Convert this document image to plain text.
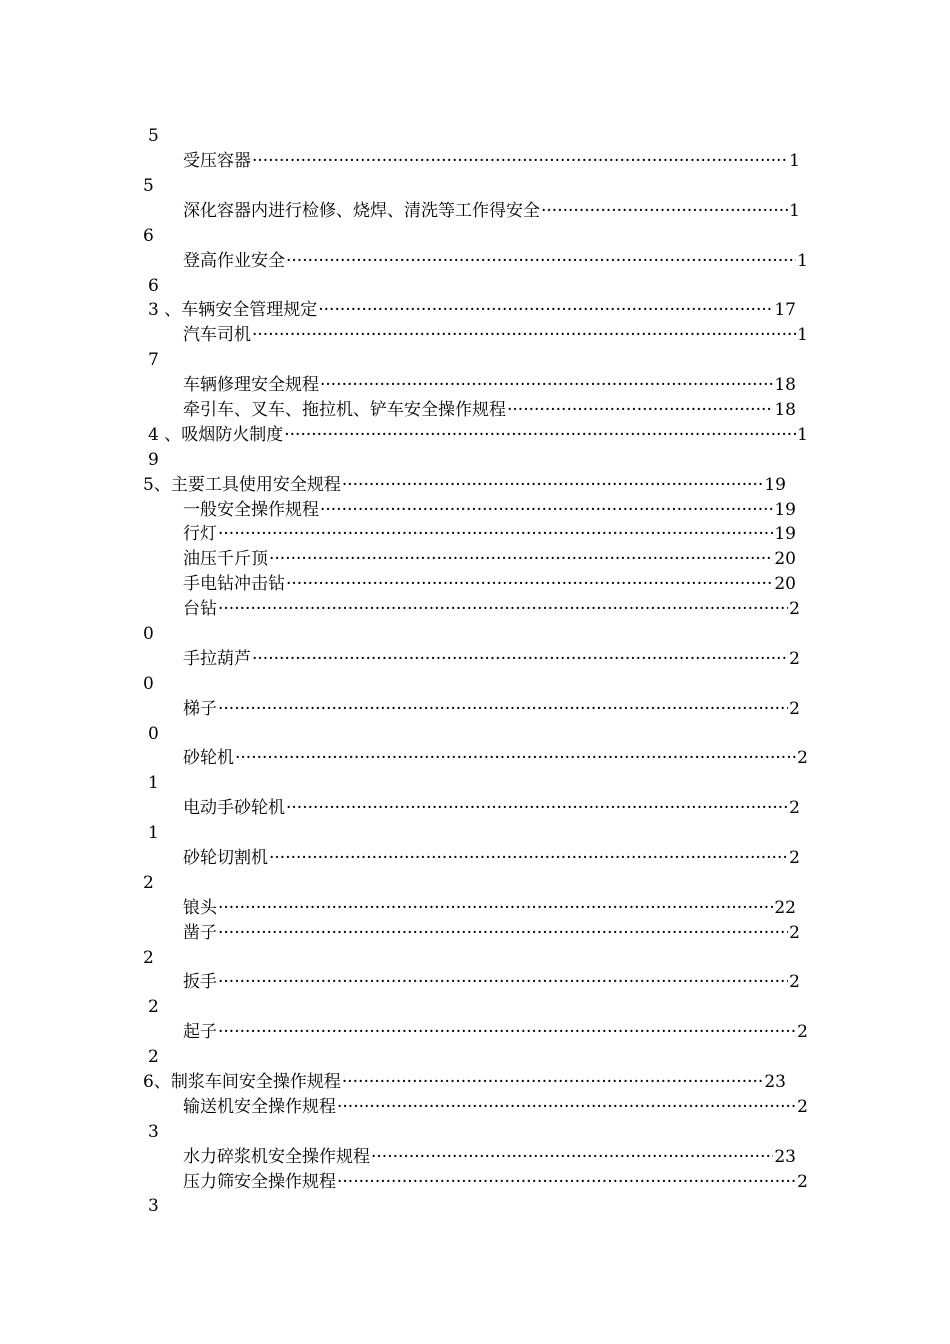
5
受压容器	1
·····
5
深化容器内进行检修、烧焊、清洗等工作得安全	1
·····
6
登高作业安全	1
·····
6
3 、车辆安全管理规定	17
·····
汽车司机	1
·····
7
车辆修理安全规程	18
·····
牵引车、叉车、拖拉机、铲车安全操作规程	18
·····
4 、吸烟防火制度	1
·····
9
5、主要工具使用安全规程	19
·····
一般安全操作规程	19
·····
行灯	19
·····
油压千斤顶	20
·····
手电钻冲击钻	20
·····
台钻	2
·····
0
手拉葫芦	2
·····
0
梯子	2
·····
0
砂轮机	2
·····
1
电动手砂轮机	2
·····
1
砂轮切割机	2
·····
2
锒头	22
·····
凿子	2
·····
2
扳手	2
·····
2
起子	2
·····
2
6、制浆车间安全操作规程	23
·····
输送机安全操作规程	2
·····
3
水力碎浆机安全操作规程	23
·····
压力筛安全操作规程	2
·····
3
